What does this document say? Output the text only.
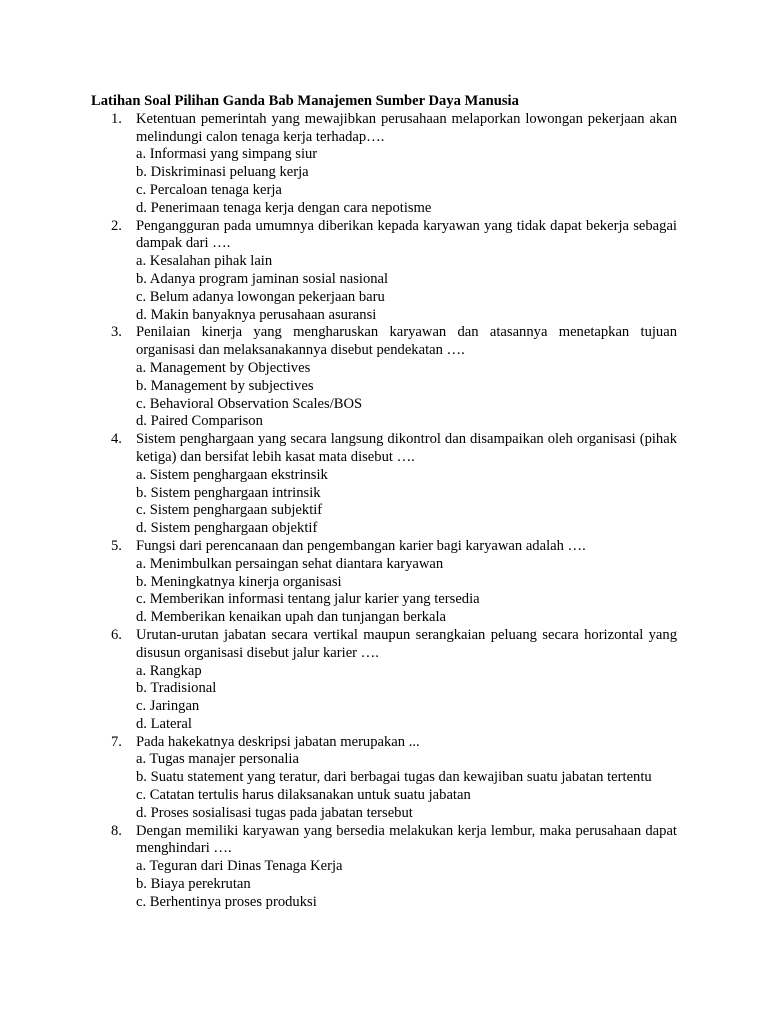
Latihan Soal Pilihan Ganda Bab Manajemen Sumber Daya Manusia
1. Ketentuan pemerintah yang mewajibkan perusahaan melaporkan lowongan pekerjaan akan melindungi calon tenaga kerja terhadap….
a. Informasi yang simpang siur
b. Diskriminasi peluang kerja
c. Percaloan tenaga kerja
d. Penerimaan tenaga kerja dengan cara nepotisme
2. Pengangguran pada umumnya diberikan kepada karyawan yang tidak dapat bekerja sebagai dampak dari ….
a. Kesalahan pihak lain
b. Adanya program jaminan sosial nasional
c. Belum adanya lowongan pekerjaan baru
d. Makin banyaknya perusahaan asuransi
3. Penilaian kinerja yang mengharuskan karyawan dan atasannya menetapkan tujuan organisasi dan melaksanakannya disebut pendekatan ….
a. Management by Objectives
b. Management by subjectives
c. Behavioral Observation Scales/BOS
d. Paired Comparison
4. Sistem penghargaan yang secara langsung dikontrol dan disampaikan oleh organisasi (pihak ketiga) dan bersifat lebih kasat mata disebut ….
a. Sistem penghargaan ekstrinsik
b. Sistem penghargaan intrinsik
c. Sistem penghargaan subjektif
d. Sistem penghargaan objektif
5. Fungsi dari perencanaan dan pengembangan karier bagi karyawan adalah ….
a. Menimbulkan persaingan sehat diantara karyawan
b. Meningkatnya kinerja organisasi
c. Memberikan informasi tentang jalur karier yang tersedia
d. Memberikan kenaikan upah dan tunjangan berkala
6. Urutan-urutan jabatan secara vertikal maupun serangkaian peluang secara horizontal yang disusun organisasi disebut jalur karier ….
a. Rangkap
b. Tradisional
c. Jaringan
d. Lateral
7. Pada hakekatnya deskripsi jabatan merupakan ...
a. Tugas manajer personalia
b. Suatu statement yang teratur, dari berbagai tugas dan kewajiban suatu jabatan tertentu
c. Catatan tertulis harus dilaksanakan untuk suatu jabatan
d. Proses sosialisasi tugas pada jabatan tersebut
8. Dengan memiliki karyawan yang bersedia melakukan kerja lembur, maka perusahaan dapat menghindari ….
a. Teguran dari Dinas Tenaga Kerja
b. Biaya perekrutan
c. Berhentinya proses produksi
